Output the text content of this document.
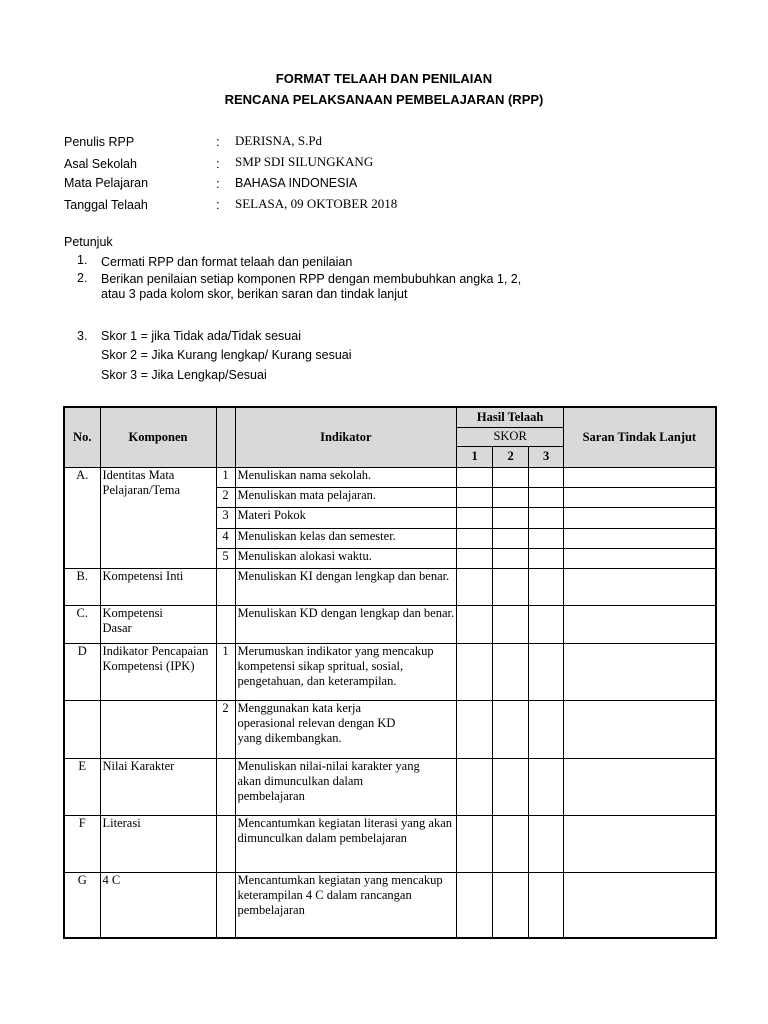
FORMAT TELAAH DAN PENILAIAN
RENCANA PELAKSANAAN PEMBELAJARAN (RPP)
Penulis RPP	: DERISNA, S.Pd
Asal Sekolah	: SMP SDI SILUNGKANG
Mata Pelajaran	: BAHASA INDONESIA
Tanggal Telaah	: SELASA, 09 OKTOBER 2018
Petunjuk
1. Cermati RPP dan format telaah dan penilaian
2. Berikan penilaian setiap komponen RPP dengan membubuhkan angka 1, 2,
atau 3 pada kolom skor, berikan saran dan tindak lanjut
3. Skor 1 = jika Tidak ada/Tidak sesuai
Skor 2 = Jika Kurang lengkap/ Kurang sesuai
Skor 3 = Jika Lengkap/Sesuai
No.	Komponen		Indikator	Hasil Telaah			Saran Tindak Lanjut
				SKOR			
				1	2	3	
A.	Identitas Mata Pelajaran/Tema	1	Menuliskan nama sekolah.				
		2	Menuliskan mata pelajaran.				
		3	Materi Pokok				
		4	Menuliskan kelas dan semester.				
		5	Menuliskan alokasi waktu.				
B.	Kompetensi Inti		Menuliskan KI dengan lengkap dan benar.				

C.	Kompetensi Dasar		Menuliskan KD dengan lengkap dan benar.				

D	Indikator Pencapaian Kompetensi (IPK)	1	Merumuskan indikator yang mencakup kompetensi sikap spritual, sosial, pengetahuan, dan keterampilan.				

		2	Menggunakan kata kerja operasional relevan dengan KD yang dikembangkan.				

E	Nilai Karakter		Menuliskan nilai-nilai karakter yang akan dimunculkan dalam pembelajaran				

F	Literasi		Mencantumkan kegiatan literasi yang akan dimunculkan dalam pembelajaran				

G	4 C		Mencantumkan kegiatan yang mencakup keterampilan 4 C dalam rancangan pembelajaran				
